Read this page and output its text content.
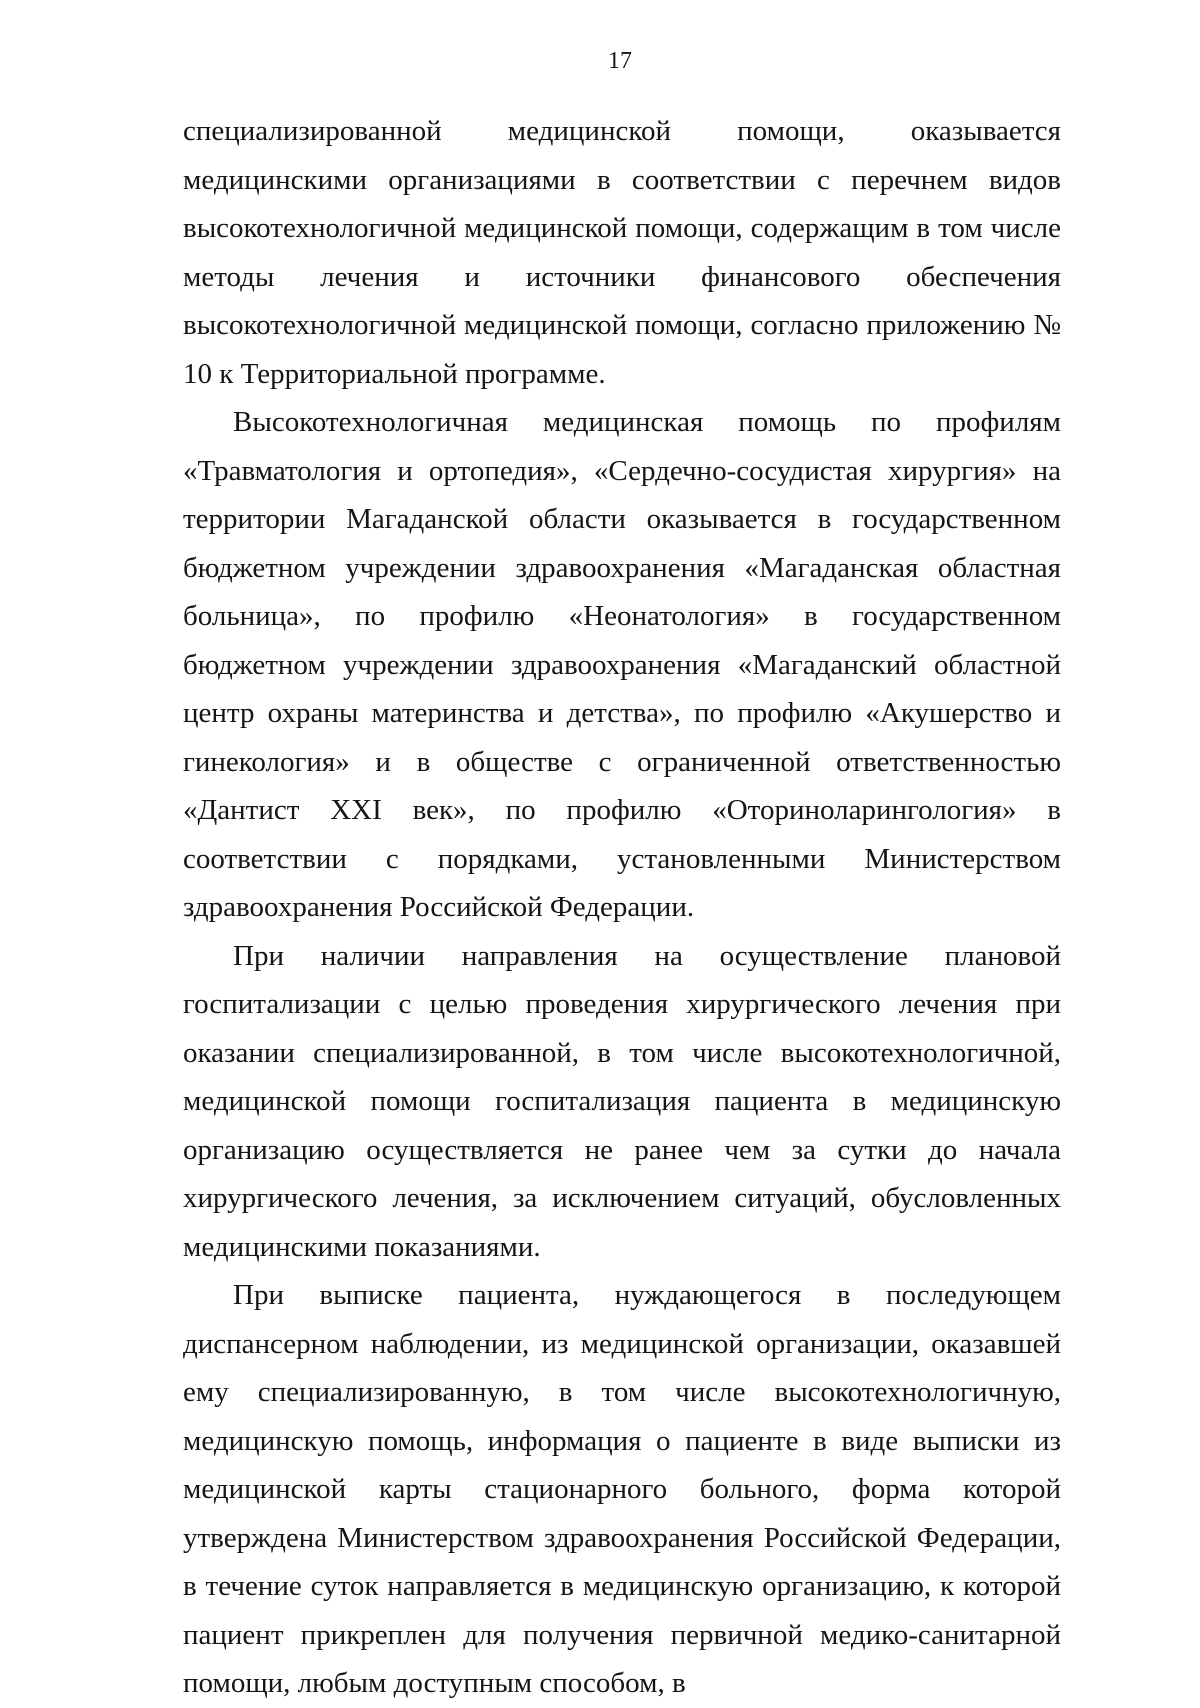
17

специализированной медицинской помощи, оказывается медицинскими организациями в соответствии с перечнем видов высокотехнологичной медицинской помощи, содержащим в том числе методы лечения и источники финансового обеспечения высокотехнологичной медицинской помощи, согласно приложению № 10 к Территориальной программе.

Высокотехнологичная медицинская помощь по профилям «Травматология и ортопедия», «Сердечно-сосудистая хирургия» на территории Магаданской области оказывается в государственном бюджетном учреждении здравоохранения «Магаданская областная больница», по профилю «Неонатология» в государственном бюджетном учреждении здравоохранения «Магаданский областной центр охраны материнства и детства», по профилю «Акушерство и гинекология» и в обществе с ограниченной ответственностью «Дантист XXI век», по профилю «Оториноларингология» в соответствии с порядками, установленными Министерством здравоохранения Российской Федерации.

При наличии направления на осуществление плановой госпитализации с целью проведения хирургического лечения при оказании специализированной, в том числе высокотехнологичной, медицинской помощи госпитализация пациента в медицинскую организацию осуществляется не ранее чем за сутки до начала хирургического лечения, за исключением ситуаций, обусловленных медицинскими показаниями.

При выписке пациента, нуждающегося в последующем диспансерном наблюдении, из медицинской организации, оказавшей ему специализированную, в том числе высокотехнологичную, медицинскую помощь, информация о пациенте в виде выписки из медицинской карты стационарного больного, форма которой утверждена Министерством здравоохранения Российской Федерации, в течение суток направляется в медицинскую организацию, к которой пациент прикреплен для получения первичной медико-санитарной помощи, любым доступным способом, в
